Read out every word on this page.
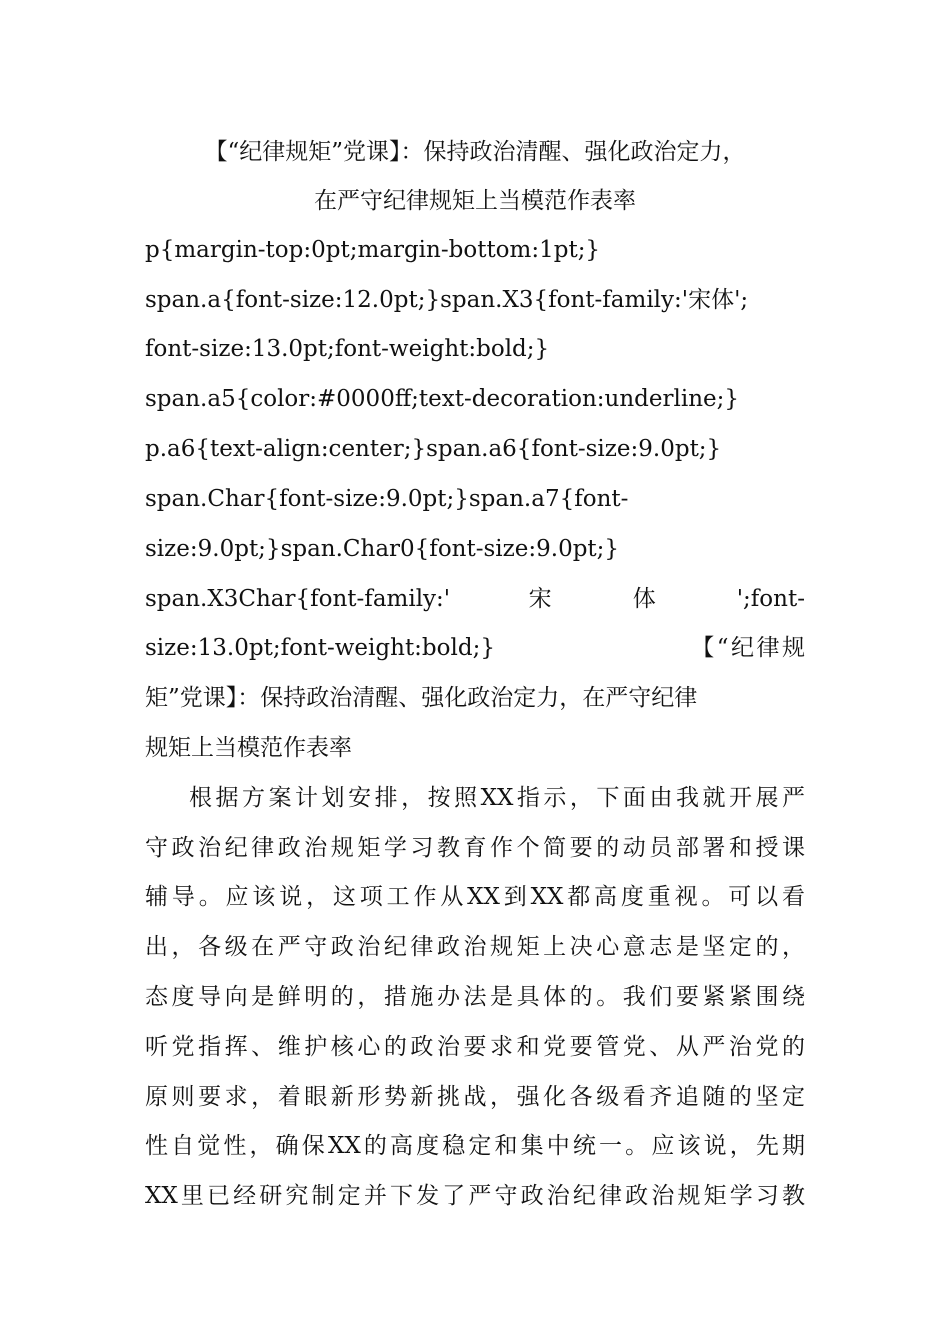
【“纪律规矩”党课】：保持政治清醒、强化政治定力，
在严守纪律规矩上当模范作表率
p{margin-top:0pt;margin-bottom:1pt;}
span.a{font-size:12.0pt;}span.X3{font-family:'宋体';
font-size:13.0pt;font-weight:bold;}
span.a5{color:#0000ff;text-decoration:underline;}
p.a6{text-align:center;}span.a6{font-size:9.0pt;}
span.Char{font-size:9.0pt;}span.a7{font-
size:9.0pt;}span.Char0{font-size:9.0pt;}
span.X3Char{font-family:'        宋        体        ';font-
size:13.0pt;font-weight:bold;}                    【“纪律规
矩”党课】：保持政治清醒、强化政治定力，在严守纪律
规矩上当模范作表率
根据方案计划安排，按照XX指示，下面由我就开展严
守政治纪律政治规矩学习教育作个简要的动员部署和授课
辅导。应该说，这项工作从XX到XX都高度重视。可以看
出，各级在严守政治纪律政治规矩上决心意志是坚定的，
态度导向是鲜明的，措施办法是具体的。我们要紧紧围绕
听党指挥、维护核心的政治要求和党要管党、从严治党的
原则要求，着眼新形势新挑战，强化各级看齐追随的坚定
性自觉性，确保XX的高度稳定和集中统一。应该说，先期
XX里已经研究制定并下发了严守政治纪律政治规矩学习教
